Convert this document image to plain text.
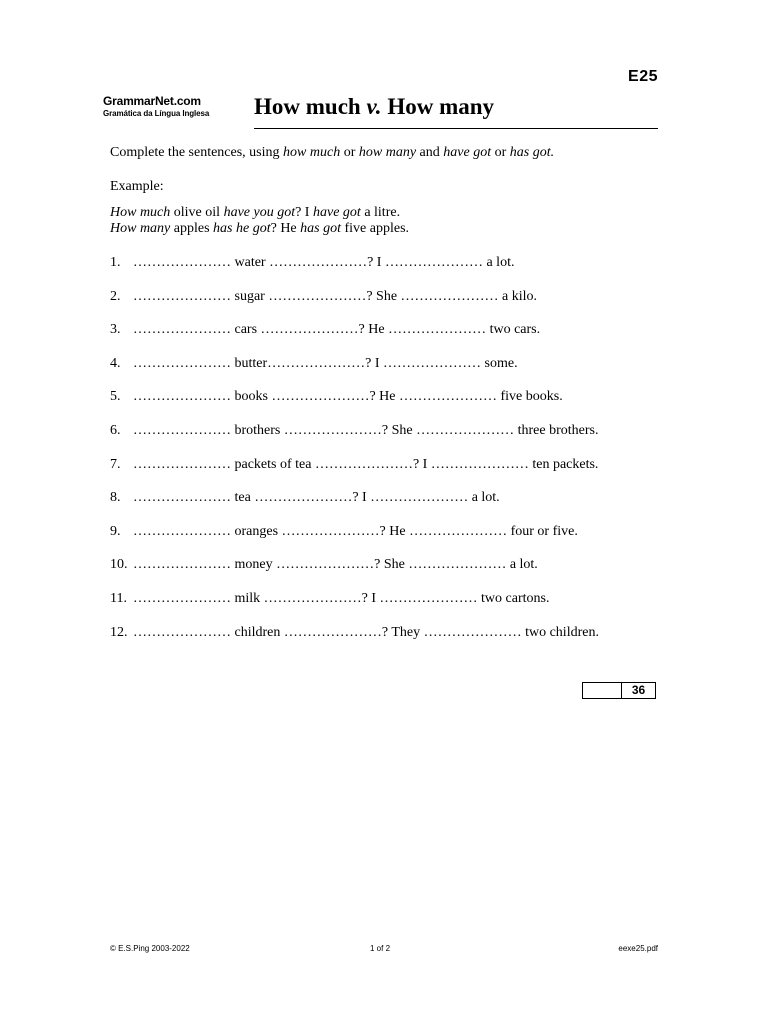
E25
GrammarNet.com
Gramática da Língua Inglesa How much v. How many
Complete the sentences, using how much or how many and have got or has got.
Example:
How much olive oil have you got? I have got a litre.
How many apples has he got? He has got five apples.
1. ………………… water …………………? I ………………… a lot.
2. ………………… sugar …………………? She ………………… a kilo.
3. ………………… cars …………………? He ………………… two cars.
4. ………………… butter…………………? I ………………… some.
5. ………………… books …………………? He ………………… five books.
6. ………………… brothers …………………? She ………………… three brothers.
7. ………………… packets of tea …………………? I ………………… ten packets.
8. ………………… tea …………………? I ………………… a lot.
9. ………………… oranges …………………? He ………………… four or five.
10. ………………… money …………………? She ………………… a lot.
11. ………………… milk …………………? I ………………… two cartons.
12. ………………… children …………………? They ………………… two children.
36
© E.S.Ping 2003-2022	1 of 2	eexe25.pdf
